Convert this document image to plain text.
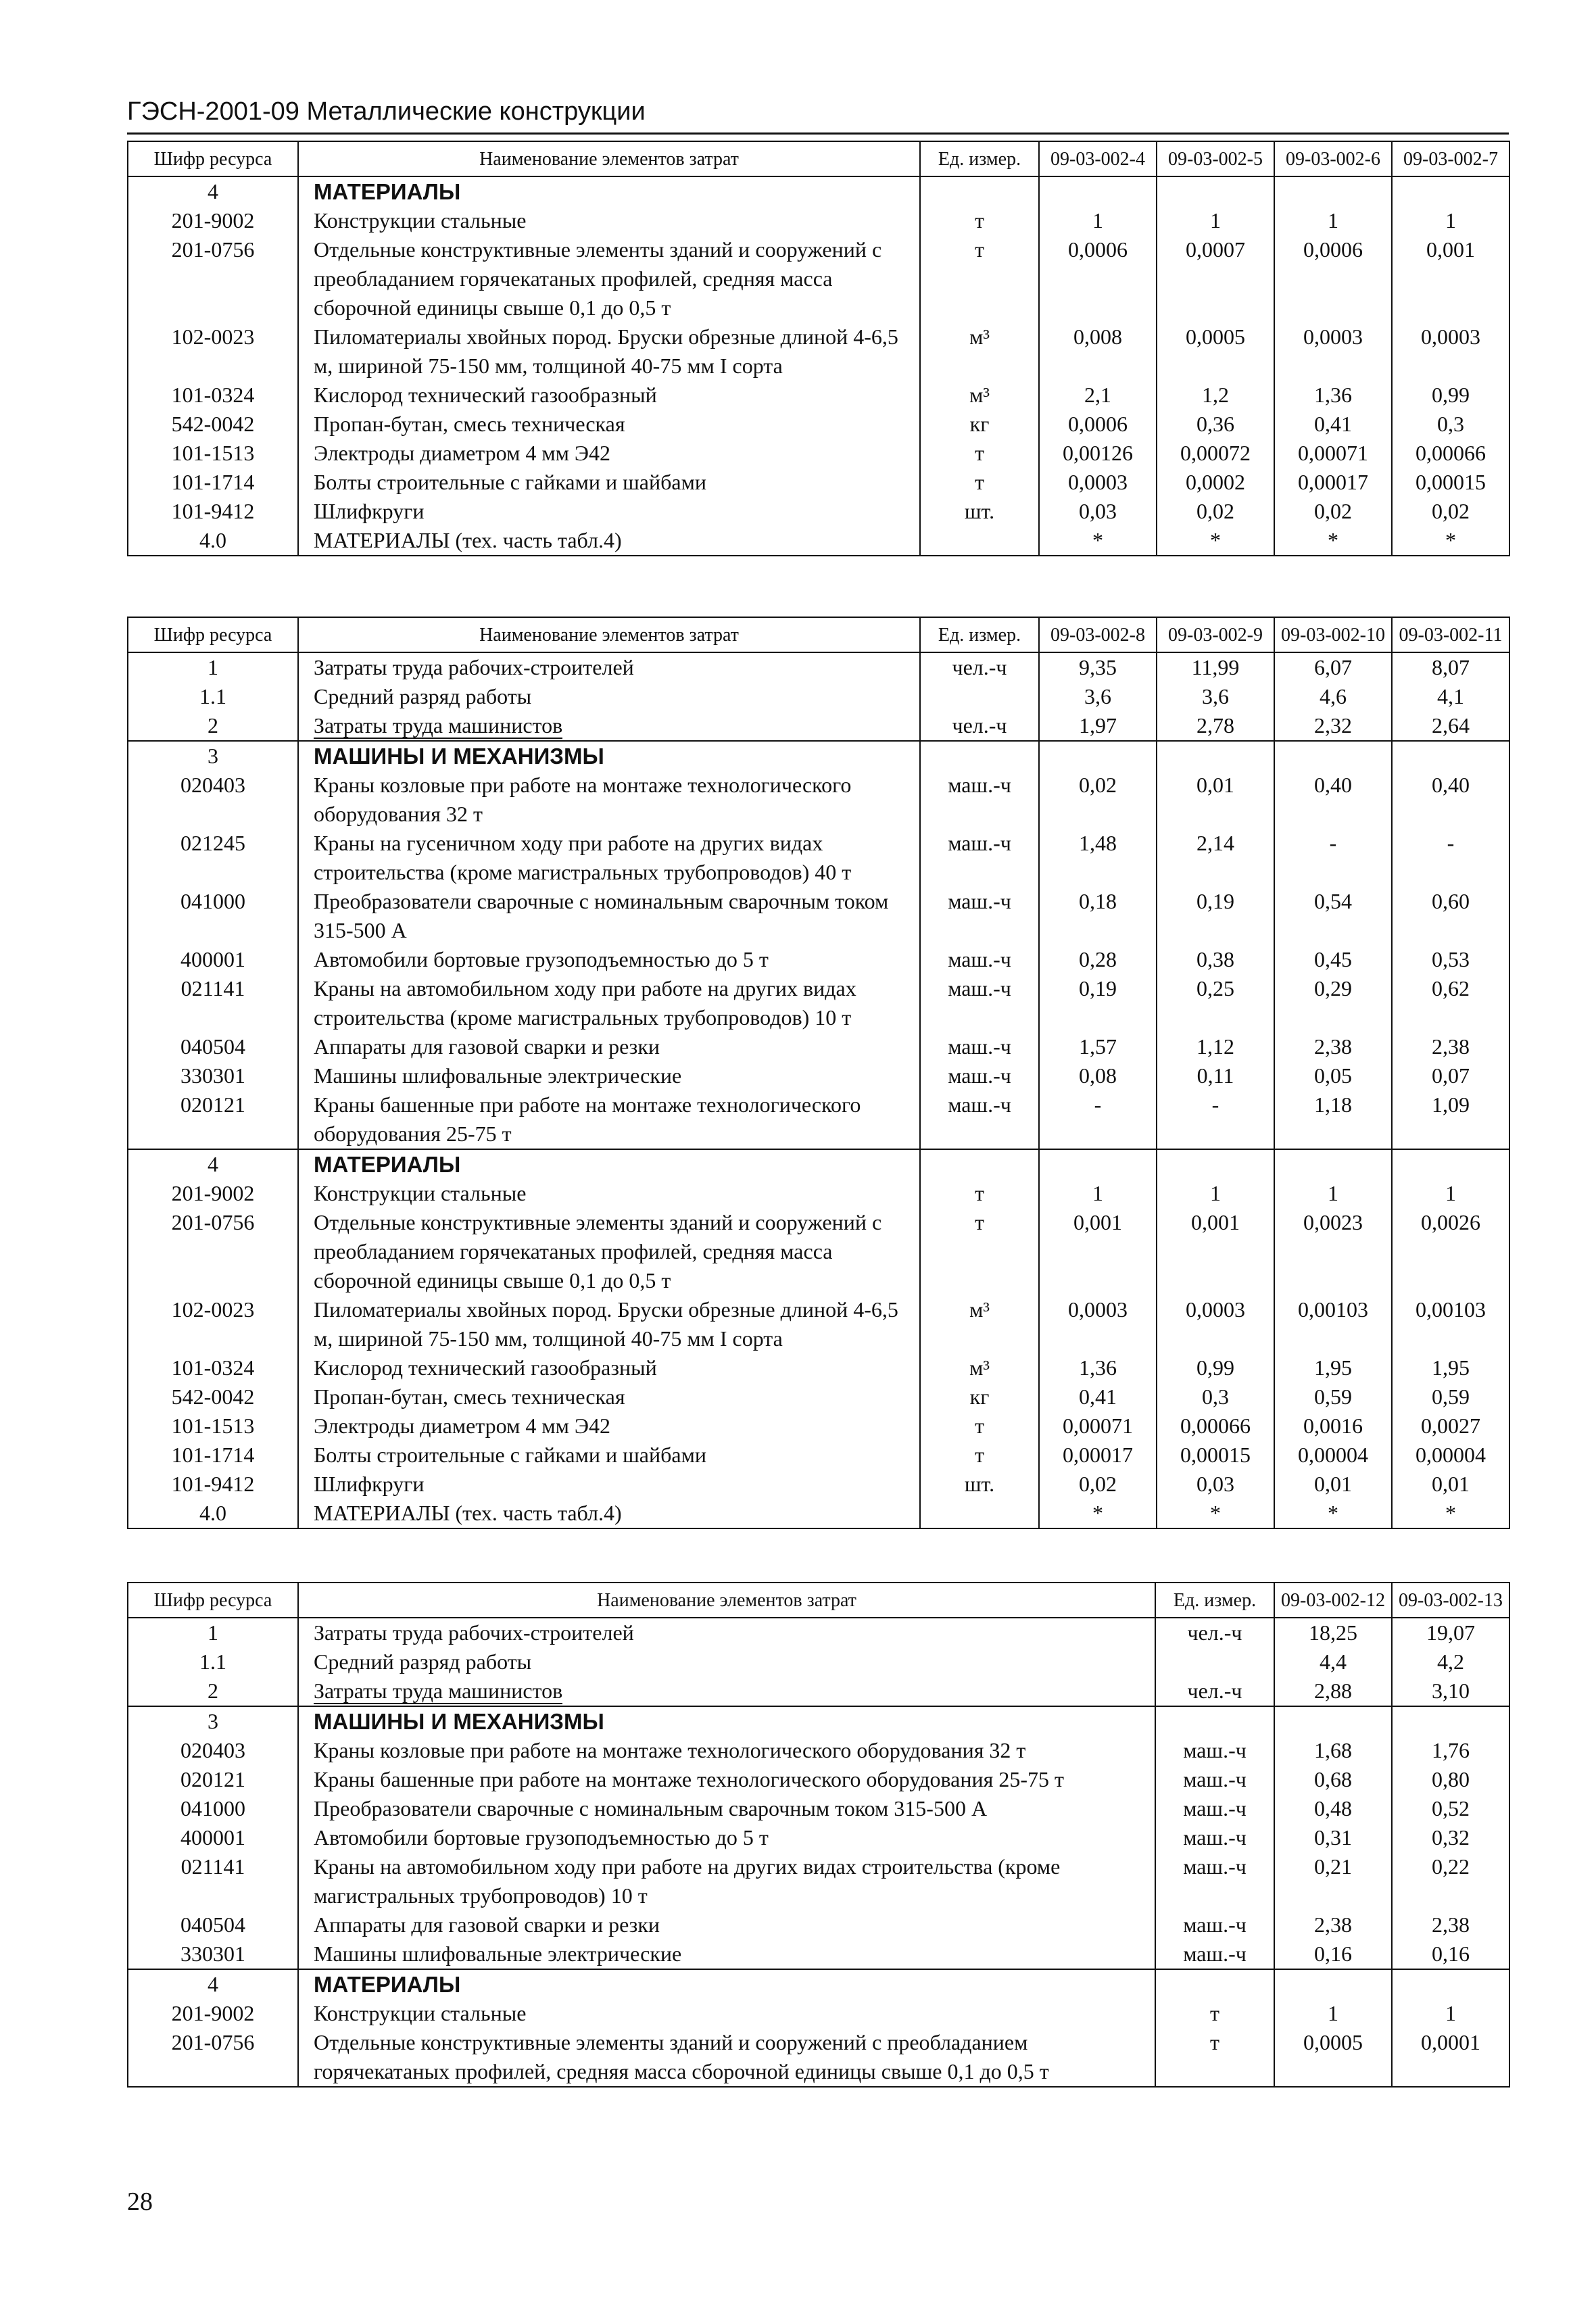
ГЭСН-2001-09 Металлические конструкции
Шифр ресурса	Наименование элементов затрат	Ед. измер.	09-03-002-4	09-03-002-5	09-03-002-6	09-03-002-7
4	МАТЕРИАЛЫ					
201-9002	Конструкции стальные	т	1	1	1	1
201-0756	Отдельные конструктивные элементы зданий и сооружений с преобладанием горячекатаных профилей, средняя масса сборочной единицы свыше 0,1 до 0,5 т	т	0,0006	0,0007	0,0006	0,001
102-0023	Пиломатериалы хвойных пород. Бруски обрезные длиной 4-6,5 м, шириной 75-150 мм, толщиной 40-75 мм I сорта	м³	0,008	0,0005	0,0003	0,0003
101-0324	Кислород технический газообразный	м³	2,1	1,2	1,36	0,99
542-0042	Пропан-бутан, смесь техническая	кг	0,0006	0,36	0,41	0,3
101-1513	Электроды диаметром 4 мм Э42	т	0,00126	0,00072	0,00071	0,00066
101-1714	Болты строительные с гайками и шайбами	т	0,0003	0,0002	0,00017	0,00015
101-9412	Шлифкруги	шт.	0,03	0,02	0,02	0,02
4.0	МАТЕРИАЛЫ (тех. часть табл.4)		*	*	*	*
Шифр ресурса	Наименование элементов затрат	Ед. измер.	09-03-002-8	09-03-002-9	09-03-002-10	09-03-002-11
1	Затраты труда рабочих-строителей	чел.-ч	9,35	11,99	6,07	8,07
1.1	Средний разряд работы		3,6	3,6	4,6	4,1
2	Затраты труда машинистов	чел.-ч	1,97	2,78	2,32	2,64
3	МАШИНЫ И МЕХАНИЗМЫ					
020403	Краны козловые при работе на монтаже технологического оборудования 32 т	маш.-ч	0,02	0,01	0,40	0,40
021245	Краны на гусеничном ходу при работе на других видах строительства (кроме магистральных трубопроводов) 40 т	маш.-ч	1,48	2,14	-	-
041000	Преобразователи сварочные с номинальным сварочным током 315-500 А	маш.-ч	0,18	0,19	0,54	0,60
400001	Автомобили бортовые грузоподъемностью до 5 т	маш.-ч	0,28	0,38	0,45	0,53
021141	Краны на автомобильном ходу при работе на других видах строительства (кроме магистральных трубопроводов) 10 т	маш.-ч	0,19	0,25	0,29	0,62
040504	Аппараты для газовой сварки и резки	маш.-ч	1,57	1,12	2,38	2,38
330301	Машины шлифовальные электрические	маш.-ч	0,08	0,11	0,05	0,07
020121	Краны башенные при работе на монтаже технологического оборудования 25-75 т	маш.-ч	-	-	1,18	1,09
4	МАТЕРИАЛЫ					
201-9002	Конструкции стальные	т	1	1	1	1
201-0756	Отдельные конструктивные элементы зданий и сооружений с преобладанием горячекатаных профилей, средняя масса сборочной единицы свыше 0,1 до 0,5 т	т	0,001	0,001	0,0023	0,0026
102-0023	Пиломатериалы хвойных пород. Бруски обрезные длиной 4-6,5 м, шириной 75-150 мм, толщиной 40-75 мм I сорта	м³	0,0003	0,0003	0,00103	0,00103
101-0324	Кислород технический газообразный	м³	1,36	0,99	1,95	1,95
542-0042	Пропан-бутан, смесь техническая	кг	0,41	0,3	0,59	0,59
101-1513	Электроды диаметром 4 мм Э42	т	0,00071	0,00066	0,0016	0,0027
101-1714	Болты строительные с гайками и шайбами	т	0,00017	0,00015	0,00004	0,00004
101-9412	Шлифкруги	шт.	0,02	0,03	0,01	0,01
4.0	МАТЕРИАЛЫ (тех. часть табл.4)		*	*	*	*
Шифр ресурса	Наименование элементов затрат	Ед. измер.	09-03-002-12	09-03-002-13
1	Затраты труда рабочих-строителей	чел.-ч	18,25	19,07
1.1	Средний разряд работы		4,4	4,2
2	Затраты труда машинистов	чел.-ч	2,88	3,10
3	МАШИНЫ И МЕХАНИЗМЫ			
020403	Краны козловые при работе на монтаже технологического оборудования 32 т	маш.-ч	1,68	1,76
020121	Краны башенные при работе на монтаже технологического оборудования 25-75 т	маш.-ч	0,68	0,80
041000	Преобразователи сварочные с номинальным сварочным током 315-500 А	маш.-ч	0,48	0,52
400001	Автомобили бортовые грузоподъемностью до 5 т	маш.-ч	0,31	0,32
021141	Краны на автомобильном ходу при работе на других видах строительства (кроме магистральных трубопроводов) 10 т	маш.-ч	0,21	0,22
040504	Аппараты для газовой сварки и резки	маш.-ч	2,38	2,38
330301	Машины шлифовальные электрические	маш.-ч	0,16	0,16
4	МАТЕРИАЛЫ			
201-9002	Конструкции стальные	т	1	1
201-0756	Отдельные конструктивные элементы зданий и сооружений с преобладанием горячекатаных профилей, средняя масса сборочной единицы свыше 0,1 до 0,5 т	т	0,0005	0,0001
28
